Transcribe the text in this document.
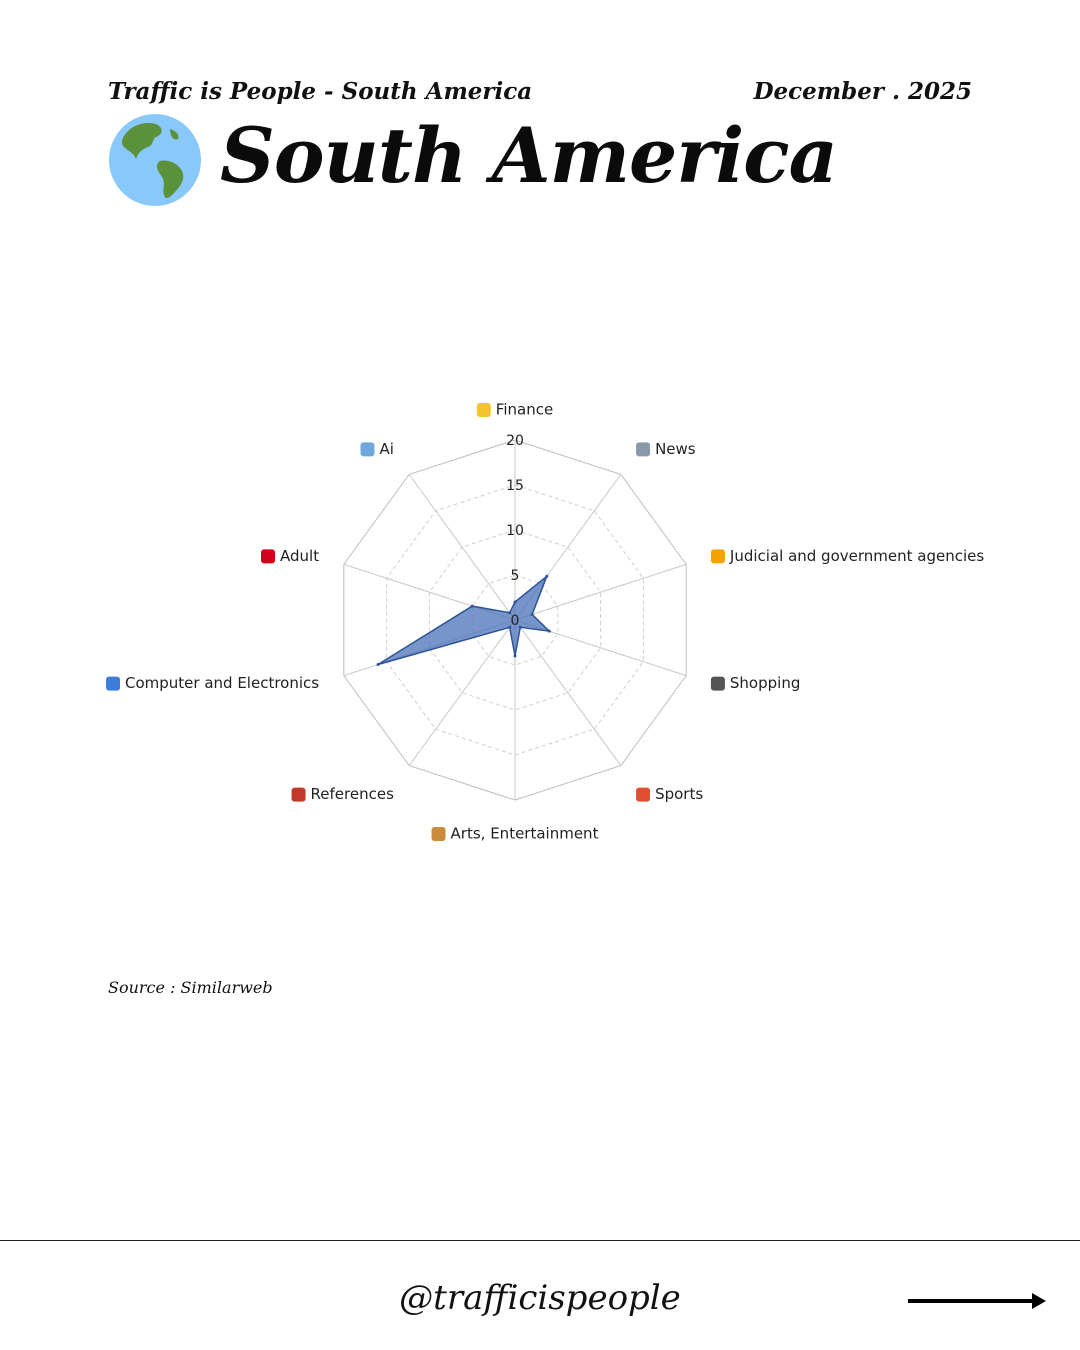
Traffic is People - South America	December . 2025
South America
0
5
10
15
20
Finance
News
Judicial and government agencies
Shopping
Sports
Arts, Entertainment
References
Computer and Electronics
Adult
Ai
Source : Similarweb
@trafficispeople
